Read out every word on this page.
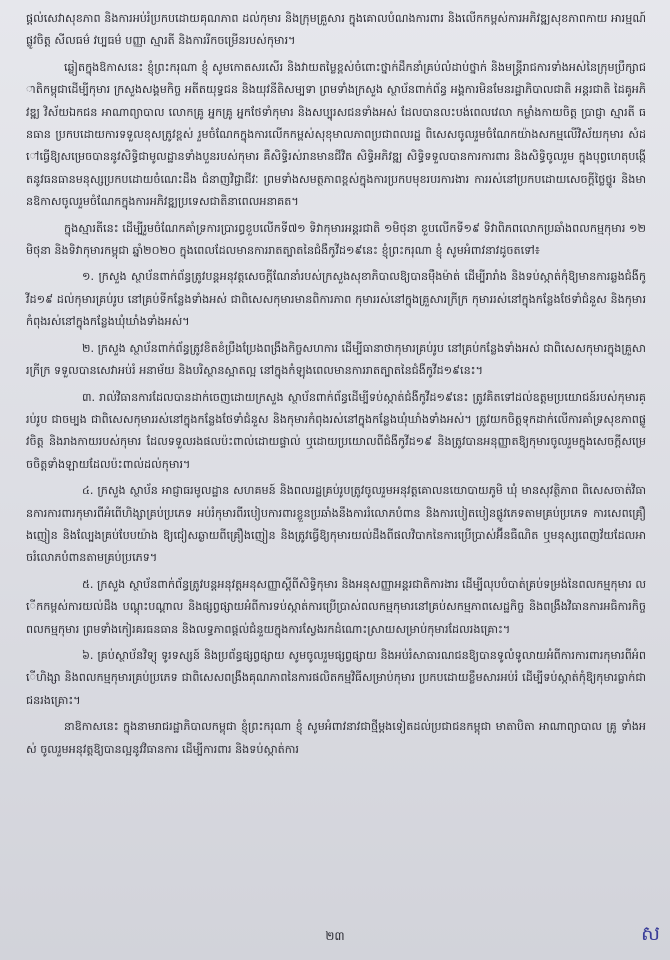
ផ្តល់សេវាសុខភាព និងការអប់រំប្រកបដោយគុណភាព ដល់កុមារ និងក្រុមគ្រួសារ ក្នុងគោលបំណងការពារ និងលើកកម្ពស់ការអភិវឌ្ឍសុខភាពកាយ អារម្មណ៍ ផ្លូវចិត្ត សីលធម៌ វប្បធម៌ បញ្ញា ស្មារតី និងការរីកចម្រើនរបស់កុមារ។

ឆ្លៀតក្នុងឱកាសនេះ ខ្ញុំព្រះករុណា ខ្ញុំ សូមកោតសរសើរ និងវាយតម្លៃខ្ពស់ចំពោះថ្នាក់ដឹកនាំគ្រប់លំដាប់ថ្នាក់ និងមន្ត្រីរាជការទាំងអស់នៃក្រុមប្រឹក្សាជាតិកម្ពុជាដើម្បីកុមារ ក្រសួងសង្គមកិច្ច អតីតយុទ្ធជន និងយុវនីតិសម្បទា ព្រមទាំងក្រសួង ស្ថាប័នពាក់ព័ន្ធ អង្គការមិនមែនរដ្ឋាភិបាលជាតិ អន្តរជាតិ ដៃគូអភិវឌ្ឍ វិស័យឯកជន អាណាព្យាបាល លោកគ្រូ អ្នកគ្រូ អ្នកថែទាំកុមារ និងសប្បុរសជនទាំងអស់ ដែលបានលះបង់ពេលវេលា កម្លាំងកាយចិត្ត ប្រាជ្ញា ស្មារតី ធនធាន ប្រកបដោយការទទួលខុសត្រូវខ្ពស់ រួមចំណែកក្នុងការលើកកម្ពស់សុខុមាលភាពប្រជាពលរដ្ឋ ពិសេសចូលរួមចំណែកយ៉ាងសកម្មលើវិស័យកុមារ សំដៅធ្វើឱ្យសម្រេចបាននូវសិទ្ធិជាមូលដ្ឋានទាំងបួនរបស់កុមារ គឺសិទ្ធិរស់រានមានជីវិត សិទ្ធិអភិវឌ្ឍ សិទ្ធិទទួលបានការការពារ និងសិទ្ធិចូលរួម ក្នុងបុព្វហេតុបង្កើតនូវធនធានមនុស្សប្រកបដោយចំណេះដឹង ជំនាញវិជ្ជាជីវៈ ព្រមទាំងសមត្ថភាពខ្ពស់ក្នុងការប្រកបមុខរបរការងារ ការរស់នៅប្រកបដោយសេចក្តីថ្លៃថ្នូរ និងមានឱកាសចូលរួមចំណែកក្នុងការអភិវឌ្ឍប្រទេសជាតិនាពេលអនាគត។

ក្នុងស្មារតីនេះ ដើម្បីរួមចំណែកគាំទ្រការប្រារព្ធខួបលើកទី៧១ ទិវាកុមារអន្តរជាតិ ១មិថុនា ខួបលើកទី១៩ ទិវាពិភពលោកប្រឆាំងពលកម្មកុមារ ១២មិថុនា និងទិវាកុមារកម្ពុជា ឆ្នាំ២០២០ ក្នុងពេលដែលមានការរាតត្បាតនៃជំងឺកូវីដ១៩នេះ ខ្ញុំព្រះករុណា ខ្ញុំ សូមអំពាវនាវដូចតទៅ៖

១. ក្រសួង ស្ថាប័នពាក់ព័ន្ធត្រូវបន្តអនុវត្តសេចក្តីណែនាំរបស់ក្រសួងសុខាភិបាលឱ្យបានម៉ឺងម៉ាត់ ដើម្បីរារាំង និងទប់ស្កាត់កុំឱ្យមានការឆ្លងជំងឺកូវីដ១៩ ដល់កុមារគ្រប់រូប នៅគ្រប់ទីកន្លែងទាំងអស់ ជាពិសេសកុមារមានពិការភាព កុមាររស់នៅក្នុងគ្រួសារក្រីក្រ កុមាររស់នៅក្នុងកន្លែងថែទាំជំនួស និងកុមារកំពុងរស់នៅក្នុងកន្លែងឃុំឃាំងទាំងអស់។

២. ក្រសួង ស្ថាប័នពាក់ព័ន្ធត្រូវខិតខំប្រឹងប្រែងពង្រឹងកិច្ចសហការ ដើម្បីធានាថាកុមារគ្រប់រូប នៅគ្រប់កន្លែងទាំងអស់ ជាពិសេសកុមារក្នុងគ្រួសារក្រីក្រ ទទួលបានសេវាអប់រំ អនាម័យ និងបរិស្ថានស្អាតល្អ នៅក្នុងកំឡុងពេលមានការរាតត្បាតនៃជំងឺកូវីដ១៩នេះ។

៣. រាល់វិធានការដែលបានដាក់ចេញដោយក្រសួង ស្ថាប័នពាក់ព័ន្ធដើម្បីទប់ស្កាត់ជំងឺកូវីដ១៩នេះ ត្រូវគិតទៅដល់ឧត្តមប្រយោជន៍របស់កុមារគ្រប់រូប ជាចម្បង ជាពិសេសកុមាររស់នៅក្នុងកន្លែងថែទាំជំនួស និងកុមារកំពុងរស់នៅក្នុងកន្លែងឃុំឃាំងទាំងអស់។ ត្រូវយកចិត្តទុកដាក់លើការគាំទ្រសុខភាពផ្លូវចិត្ត និងរាងកាយរបស់កុមារ ដែលទទួលរងផលប៉ះពាល់ដោយផ្ទាល់ ឬដោយប្រយោលពីជំងឺកូវីដ១៩ និងត្រូវបានអនុញ្ញាតឱ្យកុមារចូលរួមក្នុងសេចក្តីសម្រេចចិត្តទាំងឡាយដែលប៉ះពាល់ដល់កុមារ។

៤. ក្រសួង ស្ថាប័ន អាជ្ញាធរមូលដ្ឋាន សហគមន៍ និងពលរដ្ឋគ្រប់រូបត្រូវចូលរួមអនុវត្តគោលនយោបាយភូមិ ឃុំ មានសុវត្ថិភាព ពិសេសចាត់វិធានការការពារកុមារពីអំពើហិង្សាគ្រប់ប្រភេទ អប់រំកុមារពីរបៀបការពារខ្លួនប្រឆាំងនឹងការរំលោភបំពាន និងការបៀតបៀនផ្លូវភេទតាមគ្រប់ប្រភេទ ការសេពគ្រឿងញៀន និងល្បែងគ្រប់បែបយ៉ាង ឱ្យជៀសឆ្ងាយពីគ្រឿងញៀន និងត្រូវធ្វើឱ្យកុមារយល់ដឹងពីផលវិបាកនៃការប្រើប្រាស់អ៊ីនធឺណិត ឬមនុស្សពេញវ័យដែលអាចរំលោភបំពានតាមគ្រប់ប្រភេទ។

៥. ក្រសួង ស្ថាប័នពាក់ព័ន្ធត្រូវបន្តអនុវត្តអនុសញ្ញាស្តីពីសិទ្ធិកុមារ និងអនុសញ្ញាអន្តរជាតិការងារ ដើម្បីលុបបំបាត់គ្រប់ទម្រង់នៃពលកម្មកុមារ លើកកម្ពស់ការយល់ដឹង បណ្តុះបណ្តាល និងផ្សព្វផ្សាយអំពីការទប់ស្កាត់ការប្រើប្រាស់ពលកម្មកុមារនៅគ្រប់សកម្មភាពសេដ្ឋកិច្ច និងពង្រឹងវិធានការអធិការកិច្ចពលកម្មកុមារ ព្រមទាំងកៀរគរធនធាន និងលទ្ធភាពផ្តល់ជំនួយក្នុងការស្វែងរកដំណោះស្រាយសម្រាប់កុមារដែលរងគ្រោះ។

៦. គ្រប់ស្ថាប័នវិទ្យុ ទូរទស្សន៍ និងប្រព័ន្ធផ្សព្វផ្សាយ សូមចូលរួមផ្សព្វផ្សាយ និងអប់រំសាធារណជនឱ្យបានទូលំទូលាយអំពីការការពារកុមារពីអំពើហិង្សា និងពលកម្មកុមារគ្រប់ប្រភេទ ជាពិសេសពង្រឹងគុណភាពនៃការផលិតកម្មវិធីសម្រាប់កុមារ ប្រកបដោយខ្លឹមសារអប់រំ ដើម្បីទប់ស្កាត់កុំឱ្យកុមារធ្លាក់ជាជនរងគ្រោះ។

នាឱកាសនេះ ក្នុងនាមរាជរដ្ឋាភិបាលកម្ពុជា ខ្ញុំព្រះករុណា ខ្ញុំ សូមអំពាវនាវជាថ្មីម្តងទៀតដល់ប្រជាជនកម្ពុជា មាតាបិតា អាណាព្យាបាល គ្រូ ទាំងអស់ ចូលរួមអនុវត្តឱ្យបានល្អនូវវិធានការ ដើម្បីការពារ និងទប់ស្កាត់ការ

២៣	ស
